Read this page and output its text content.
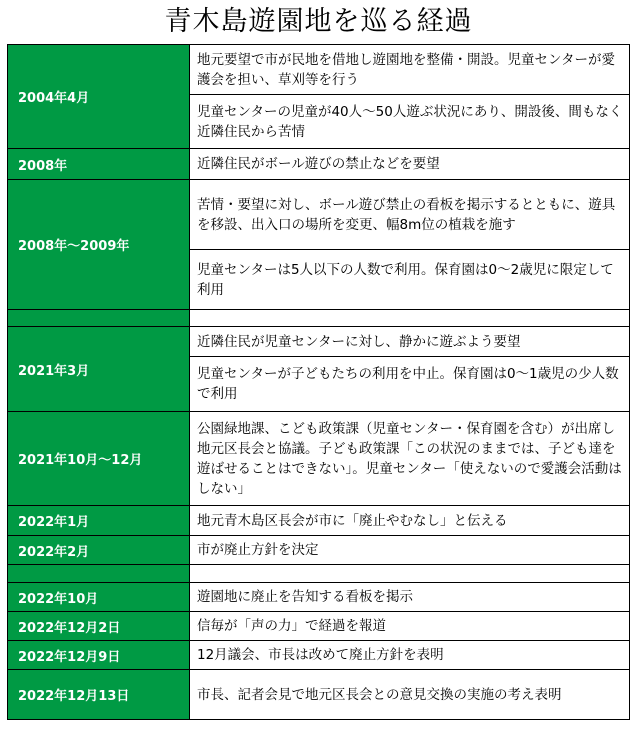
青木島遊園地を巡る経過
2004年4月	地元要望で市が民地を借地し遊園地を整備・開設。児童センターが愛護会を担い、草刈等を行う
	児童センターの児童が40人～50人遊ぶ状況にあり、開設後、間もなく近隣住民から苦情
2008年	近隣住民がボール遊びの禁止などを要望
2008年～2009年	苦情・要望に対し、ボール遊び禁止の看板を掲示するとともに、遊具を移設、出入口の場所を変更、幅8m位の植栽を施す
	児童センターは5人以下の人数で利用。保育園は0～2歳児に限定して利用

2021年3月	近隣住民が児童センターに対し、静かに遊ぶよう要望
	児童センターが子どもたちの利用を中止。保育園は0～1歳児の少人数で利用
2021年10月～12月	公園緑地課、こども政策課（児童センター・保育園を含む）が出席し地元区長会と協議。子ども政策課「この状況のままでは、子ども達を遊ばせることはできない」。児童センター「使えないので愛護会活動はしない」
2022年1月	地元青木島区長会が市に「廃止やむなし」と伝える
2022年2月	市が廃止方針を決定

2022年10月	遊園地に廃止を告知する看板を掲示
2022年12月2日	信毎が「声の力」で経過を報道
2022年12月9日	12月議会、市長は改めて廃止方針を表明
2022年12月13日	市長、記者会見で地元区長会との意見交換の実施の考え表明
